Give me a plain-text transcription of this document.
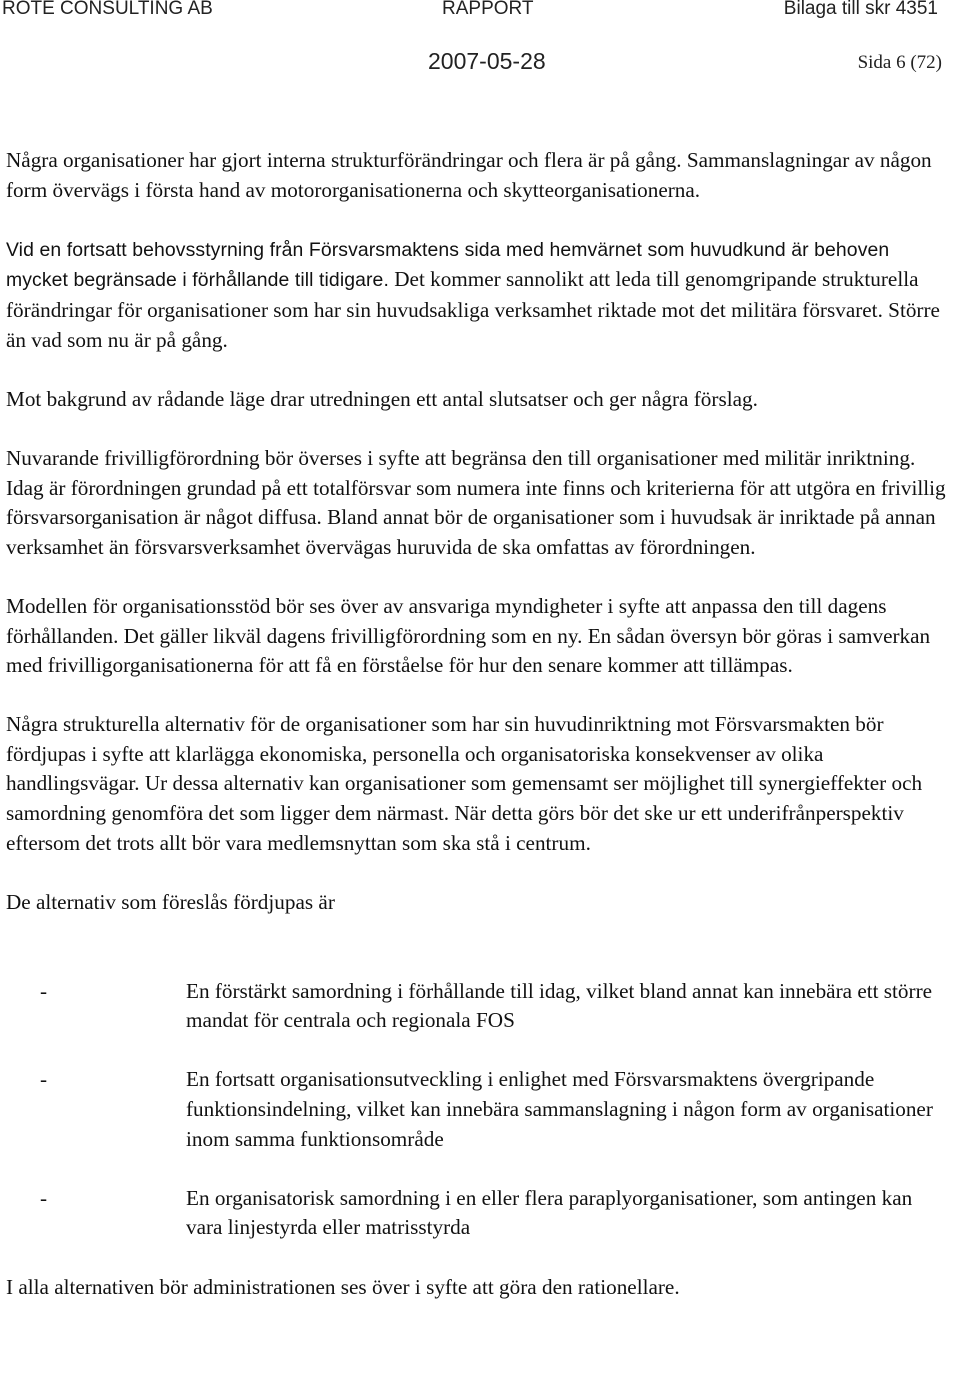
ROTE CONSULTING AB	RAPPORT	Bilaga till skr 4351
2007-05-28	Sida 6 (72)

Några organisationer har gjort interna strukturförändringar och flera är på gång. Sammanslagningar av någon form övervägs i första hand av motororganisationerna och skytteorganisationerna.

Vid en fortsatt behovsstyrning från Försvarsmaktens sida med hemvärnet som huvudkund är behoven mycket begränsade i förhållande till tidigare. Det kommer sannolikt att leda till genomgripande strukturella förändringar för organisationer som har sin huvudsakliga verksamhet riktade mot det militära försvaret. Större än vad som nu är på gång.

Mot bakgrund av rådande läge drar utredningen ett antal slutsatser och ger några förslag.

Nuvarande frivilligförordning bör överses i syfte att begränsa den till organisationer med militär inriktning. Idag är förordningen grundad på ett totalförsvar som numera inte finns och kriterierna för att utgöra en frivillig försvarsorganisation är något diffusa. Bland annat bör de organisationer som i huvudsak är inriktade på annan verksamhet än försvarsverksamhet övervägas huruvida de ska omfattas av förordningen.

Modellen för organisationsstöd bör ses över av ansvariga myndigheter i syfte att anpassa den till dagens förhållanden. Det gäller likväl dagens frivilligförordning som en ny. En sådan översyn bör göras i samverkan med frivilligorganisationerna för att få en förståelse för hur den senare kommer att tillämpas.

Några strukturella alternativ för de organisationer som har sin huvudinriktning mot Försvarsmakten bör fördjupas i syfte att klarlägga ekonomiska, personella och organisatoriska konsekvenser av olika handlingsvägar. Ur dessa alternativ kan organisationer som gemensamt ser möjlighet till synergieffekter och samordning genomföra det som ligger dem närmast. När detta görs bör det ske ur ett underifrånperspektiv eftersom det trots allt bör vara medlemsnyttan som ska stå i centrum.

De alternativ som föreslås fördjupas är

-	En förstärkt samordning i förhållande till idag, vilket bland annat kan innebära ett större mandat för centrala och regionala FOS

-	En fortsatt organisationsutveckling i enlighet med Försvarsmaktens övergripande funktionsindelning, vilket kan innebära sammanslagning i någon form av organisationer inom samma funktionsområde

-	En organisatorisk samordning i en eller flera paraplyorganisationer, som antingen kan vara linjestyrda eller matrisstyrda

I alla alternativen bör administrationen ses över i syfte att göra den rationellare.
